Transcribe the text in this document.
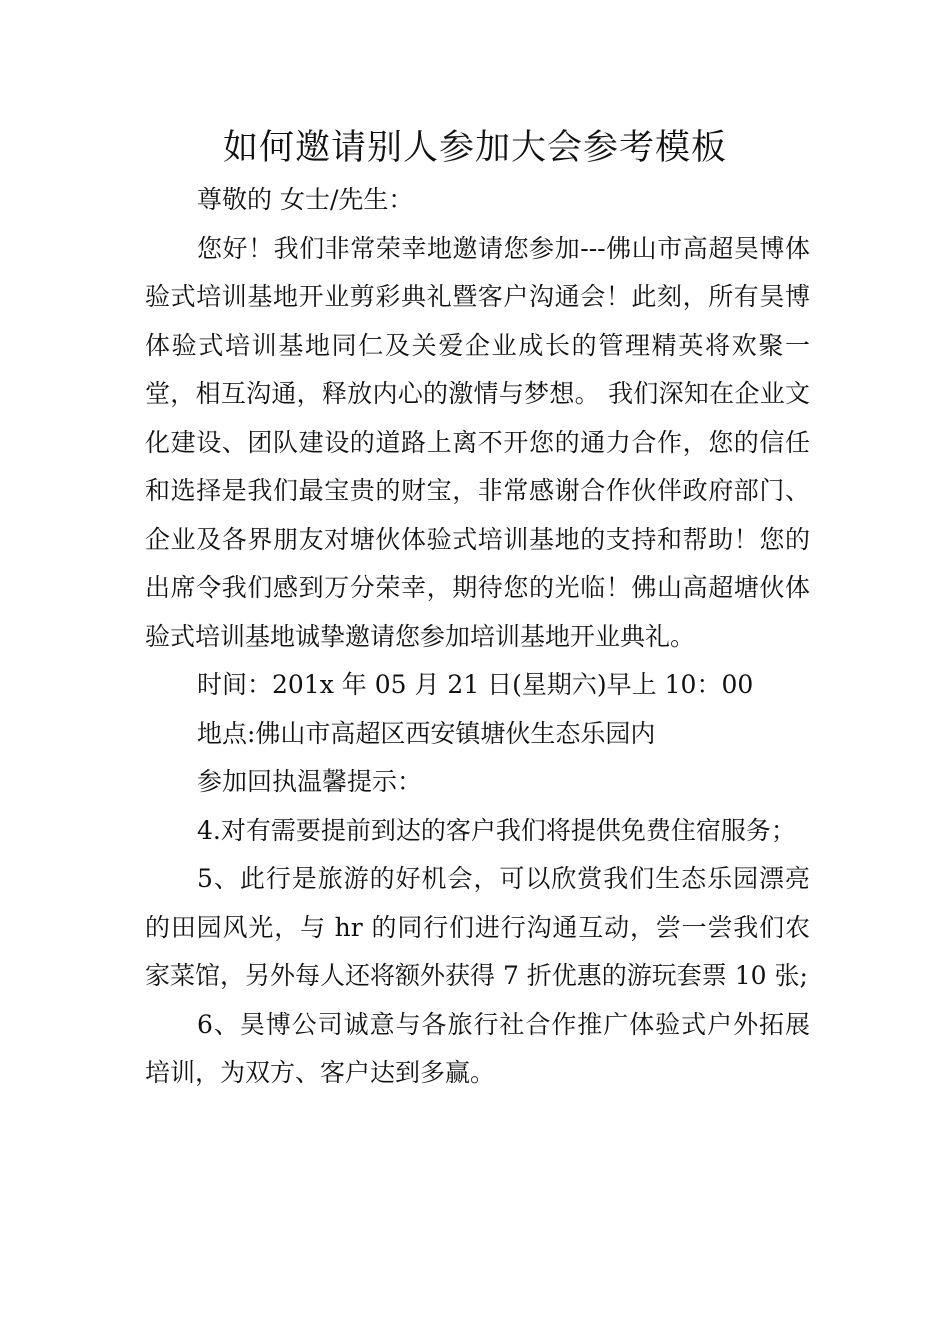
如何邀请别人参加大会参考模板

尊敬的 女士/先生：

您好！我们非常荣幸地邀请您参加---佛山市高超昊博体验式培训基地开业剪彩典礼暨客户沟通会！此刻，所有昊博体验式培训基地同仁及关爱企业成长的管理精英将欢聚一堂，相互沟通，释放内心的激情与梦想。 我们深知在企业文化建设、团队建设的道路上离不开您的通力合作，您的信任和选择是我们最宝贵的财宝，非常感谢合作伙伴政府部门、企业及各界朋友对塘伙体验式培训基地的支持和帮助！您的出席令我们感到万分荣幸，期待您的光临！佛山高超塘伙体验式培训基地诚挚邀请您参加培训基地开业典礼。

时间：201x 年 05 月 21 日(星期六)早上 10：00

地点:佛山市高超区西安镇塘伙生态乐园内

参加回执温馨提示：

4.对有需要提前到达的客户我们将提供免费住宿服务；

5、此行是旅游的好机会，可以欣赏我们生态乐园漂亮的田园风光，与 hr 的同行们进行沟通互动，尝一尝我们农家菜馆，另外每人还将额外获得 7 折优惠的游玩套票 10 张;

6、昊博公司诚意与各旅行社合作推广体验式户外拓展培训，为双方、客户达到多赢。
